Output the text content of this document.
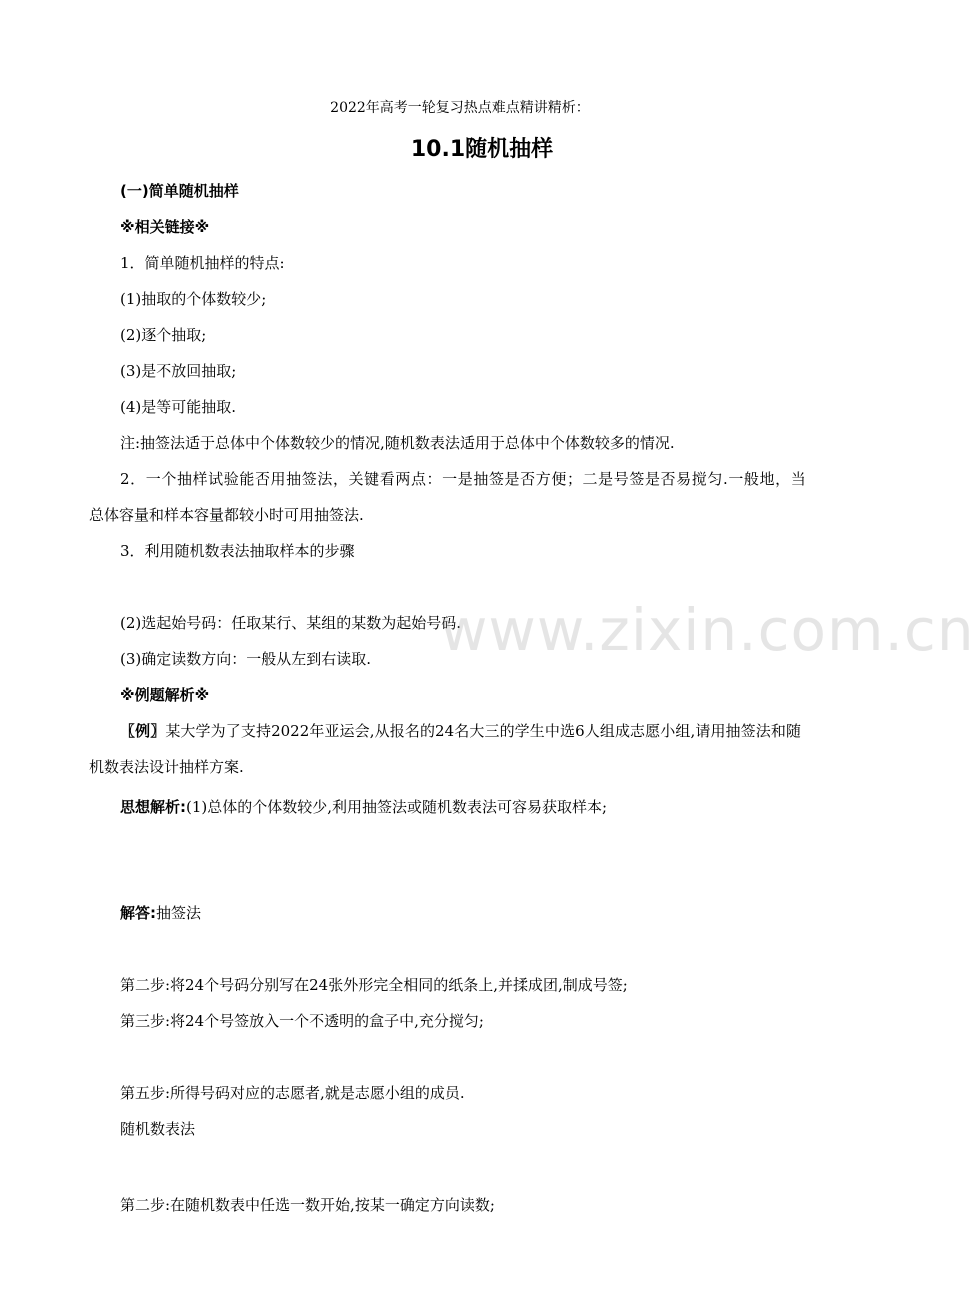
2022年高考一轮复习热点难点精讲精析：
10.1随机抽样
(一)简单随机抽样
※相关链接※
1．简单随机抽样的特点:
(1)抽取的个体数较少;
(2)逐个抽取;
(3)是不放回抽取;
(4)是等可能抽取.
注:抽签法适于总体中个体数较少的情况,随机数表法适用于总体中个体数较多的情况.
2．一个抽样试验能否用抽签法，关键看两点：一是抽签是否方便；二是号签是否易搅匀.一般地，当
总体容量和样本容量都较小时可用抽签法.
3．利用随机数表法抽取样本的步骤
(2)选起始号码：任取某行、某组的某数为起始号码.
(3)确定读数方向：一般从左到右读取.
※例题解析※
〖例〗某大学为了支持2022年亚运会,从报名的24名大三的学生中选6人组成志愿小组,请用抽签法和随机数表法设计抽样方案.
思想解析:(1)总体的个体数较少,利用抽签法或随机数表法可容易获取样本;
解答:抽签法
第二步:将24个号码分别写在24张外形完全相同的纸条上,并揉成团,制成号签;
第三步:将24个号签放入一个不透明的盒子中,充分搅匀;
第五步:所得号码对应的志愿者,就是志愿小组的成员.
随机数表法
第二步:在随机数表中任选一数开始,按某一确定方向读数;
www.zixin.com.cn
